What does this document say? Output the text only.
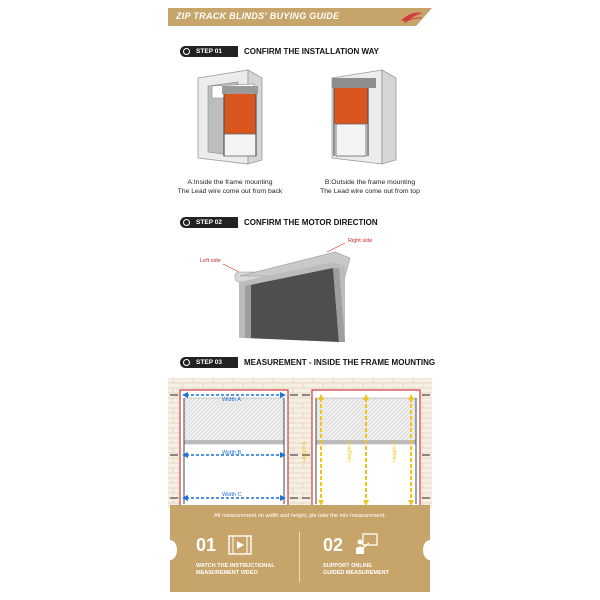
ZIP TRACK BLINDS' BUYING GUIDE
STEP 01	CONFIRM THE INSTALLATION WAY
A:Inside the frame mounting
The Lead wire come out from back
B:Outside the frame mounting
The Lead wire come out from top
STEP 02	CONFIRM THE MOTOR DIRECTION
Left side
Right side
STEP 03	MEASUREMENT - INSIDE THE FRAME MOUNTING
Width A
Width B
Width C
Height A	Height B	Height C
All measurement on width and height, pls take the min measurement.
01
WATCH THE INSTRUCTIONAL
MEASUREMENT VIDEO
02
SUPPORT ONLINE
GUIDED MEASUREMENT
